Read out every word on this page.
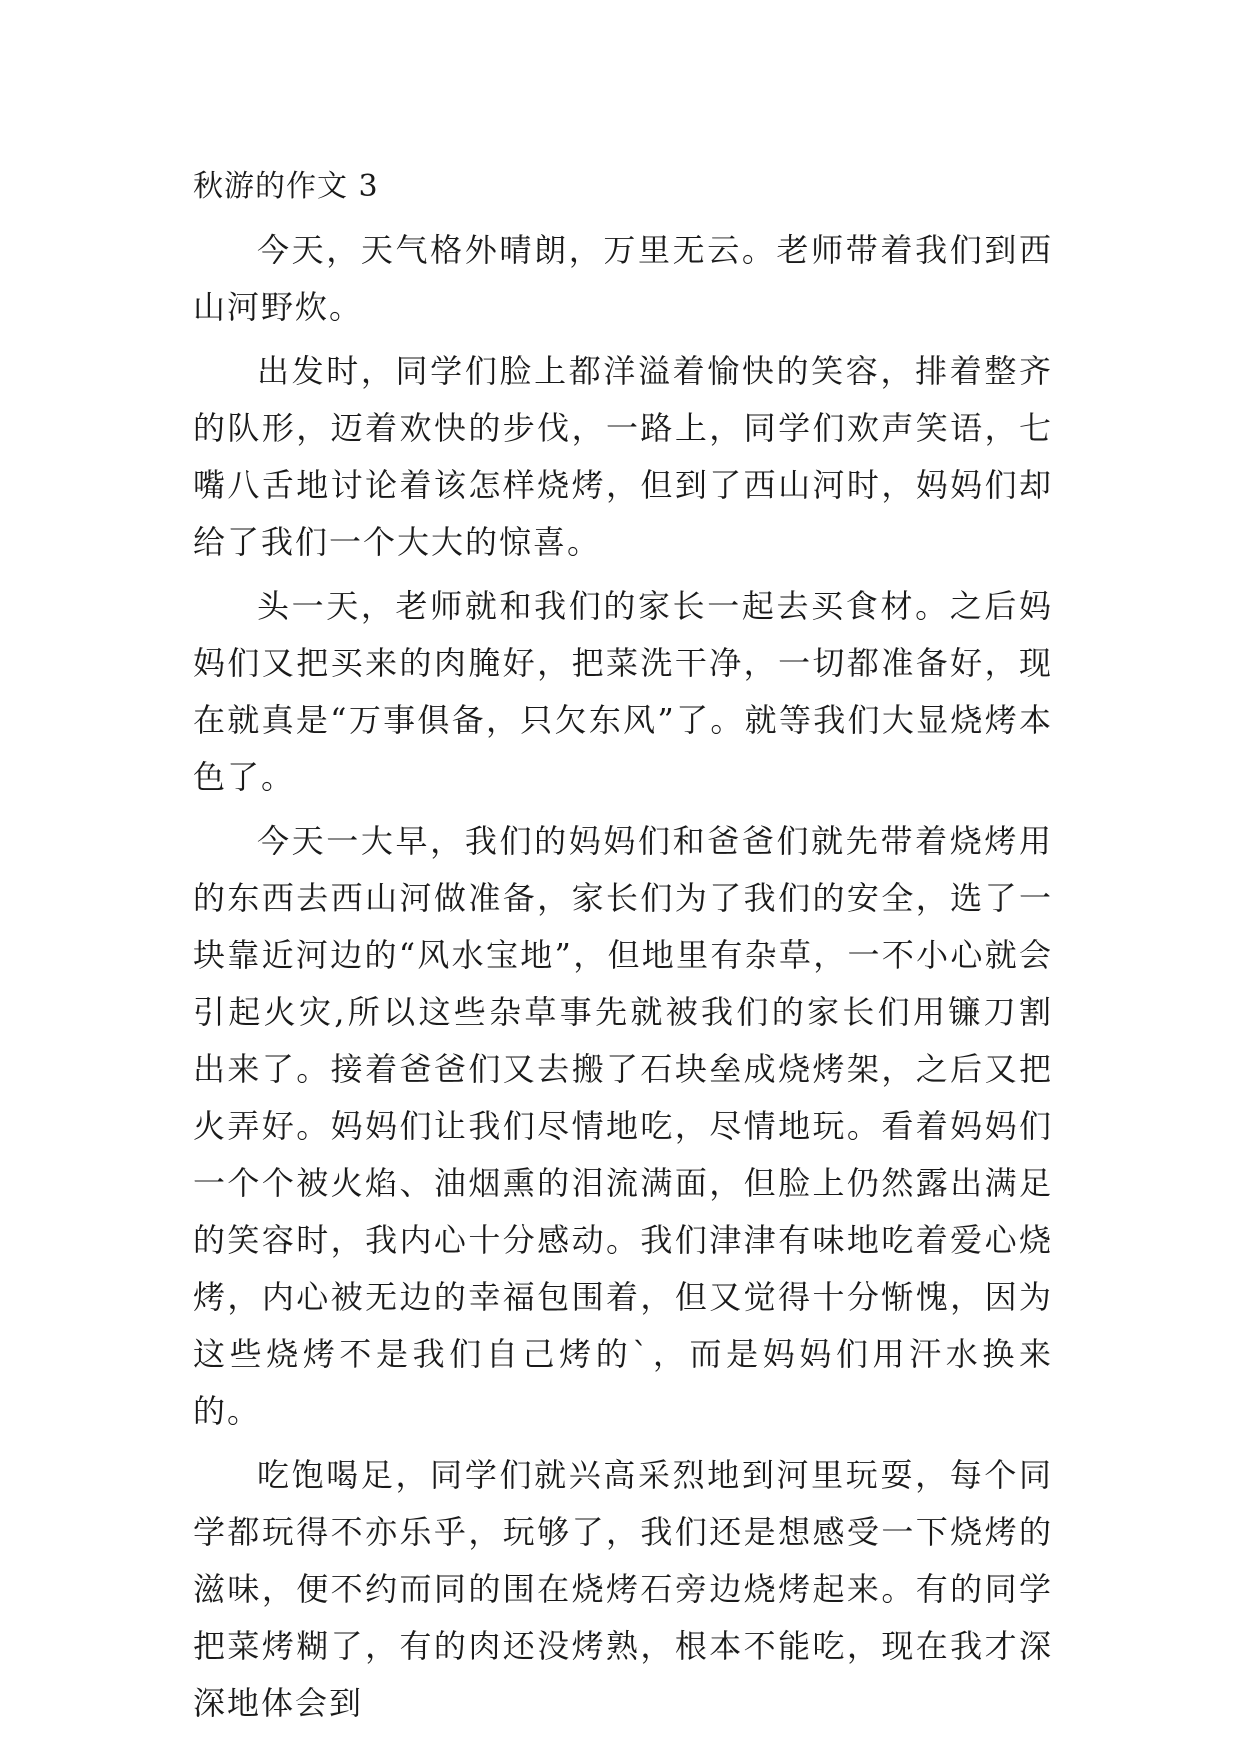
秋游的作文 3

今天，天气格外晴朗，万里无云。老师带着我们到西山河野炊。

出发时，同学们脸上都洋溢着愉快的笑容，排着整齐的队形，迈着欢快的步伐，一路上，同学们欢声笑语，七嘴八舌地讨论着该怎样烧烤，但到了西山河时，妈妈们却给了我们一个大大的惊喜。

头一天，老师就和我们的家长一起去买食材。之后妈妈们又把买来的肉腌好，把菜洗干净，一切都准备好，现在就真是“万事俱备，只欠东风”了。就等我们大显烧烤本色了。

今天一大早，我们的妈妈们和爸爸们就先带着烧烤用的东西去西山河做准备，家长们为了我们的安全，选了一块靠近河边的“风水宝地”，但地里有杂草，一不小心就会引起火灾,所以这些杂草事先就被我们的家长们用镰刀割出来了。接着爸爸们又去搬了石块垒成烧烤架，之后又把火弄好。妈妈们让我们尽情地吃，尽情地玩。看着妈妈们一个个被火焰、油烟熏的泪流满面，但脸上仍然露出满足的笑容时，我内心十分感动。我们津津有味地吃着爱心烧烤，内心被无边的幸福包围着，但又觉得十分惭愧，因为这些烧烤不是我们自己烤的`，而是妈妈们用汗水换来的。

吃饱喝足，同学们就兴高采烈地到河里玩耍，每个同学都玩得不亦乐乎，玩够了，我们还是想感受一下烧烤的滋味，便不约而同的围在烧烤石旁边烧烤起来。有的同学把菜烤糊了，有的肉还没烤熟，根本不能吃，现在我才深深地体会到
